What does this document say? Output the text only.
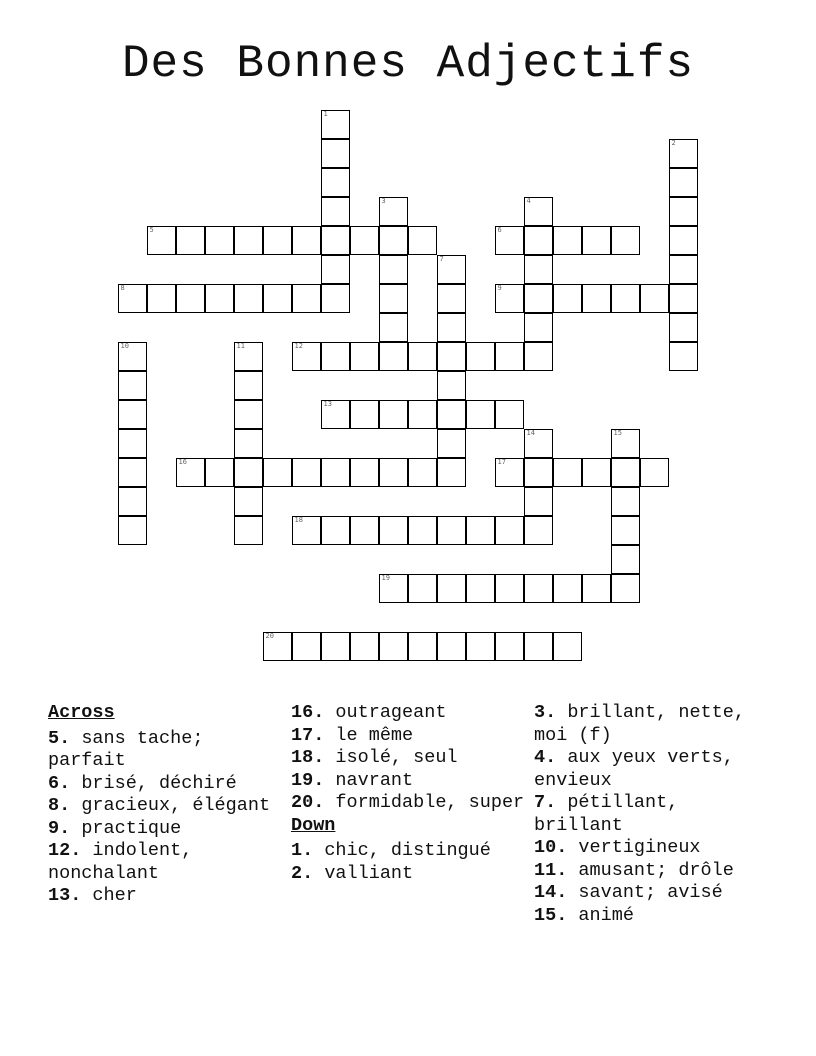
Des Bonnes Adjectifs
5	6
8	9
12
13
16	17
18
19
20
1
2
3	4
7
10	11
14	15
Across
5. sans tache; parfait
6. brisé, déchiré
8. gracieux, élégant
9. practique
12. indolent, nonchalant
13. cher
16. outrageant
17. le même
18. isolé, seul
19. navrant
20. formidable, super
Down
1. chic, distingué
2. valliant
3. brillant, nette, moi (f)
4. aux yeux verts, envieux
7. pétillant, brillant
10. vertigineux
11. amusant; drôle
14. savant; avisé
15. animé
